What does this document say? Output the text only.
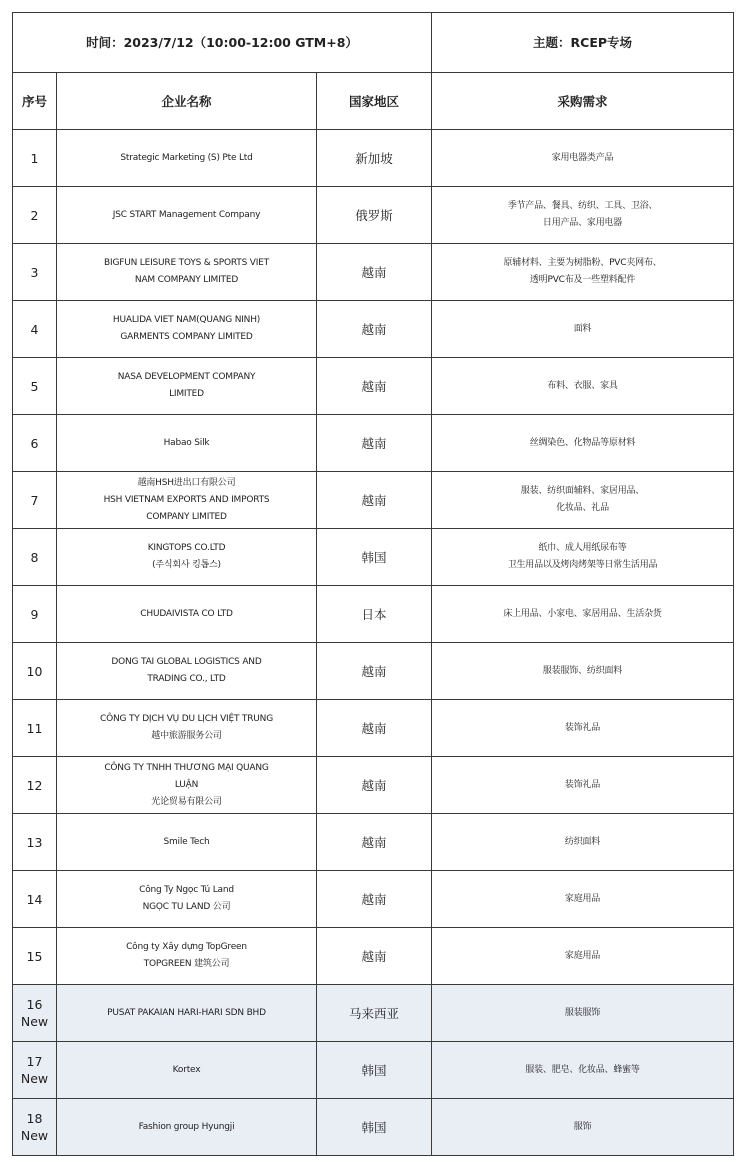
时间：2023/7/12（10:00-12:00 GTM+8）			主题：RCEP专场
序号	企业名称	国家地区	采购需求

1	Strategic Marketing (S) Pte Ltd	新加坡	家用电器类产品

2	JSC START Management Company	俄罗斯	季节产品、餐具、纺织、工具、卫浴、
日用产品、家用电器

3	BIGFUN LEISURE TOYS & SPORTS VIET
NAM COMPANY LIMITED	越南	原辅材料、主要为树脂粉、PVC夹网布、
透明PVC布及一些塑料配件

4	HUALIDA VIET NAM(QUANG NINH)
GARMENTS COMPANY LIMITED	越南	面料

5	NASA DEVELOPMENT COMPANY
LIMITED	越南	布料、衣服、家具

6	Habao Silk	越南	丝绸染色、化物品等原材料

7	越南HSH进出口有限公司
HSH VIETNAM EXPORTS AND IMPORTS
COMPANY LIMITED	越南	服装、纺织面辅料、家居用品、
化妆品、礼品

8	KINGTOPS CO.LTD
(주식회사 킹톱스)	韩国	纸巾、成人用纸尿布等
卫生用品以及烤肉烤架等日常生活用品

9	CHUDAIVISTA CO LTD	日本	床上用品、小家电、家居用品、生活杂货

10	DONG TAI GLOBAL LOGISTICS AND
TRADING CO., LTD	越南	服装服饰、纺织面料

11	CÔNG TY DỊCH VỤ DU LỊCH VIỆT TRUNG
越中旅游服务公司	越南	装饰礼品

12	CÔNG TY TNHH THƯƠNG MẠI QUANG
LUẬN
光论贸易有限公司	越南	装饰礼品

13	Smile Tech	越南	纺织面料

14	Công Ty Ngọc Tú Land
NGỌC TU LAND 公司	越南	家庭用品

15	Công ty Xây dựng TopGreen
TOPGREEN 建筑公司	越南	家庭用品

16
New	PUSAT PAKAIAN HARI-HARI SDN BHD	马来西亚	服装服饰

17
New	Kortex	韩国	服装、肥皂、化妆品、蜂蜜等

18
New	Fashion group Hyungji	韩国	服饰
